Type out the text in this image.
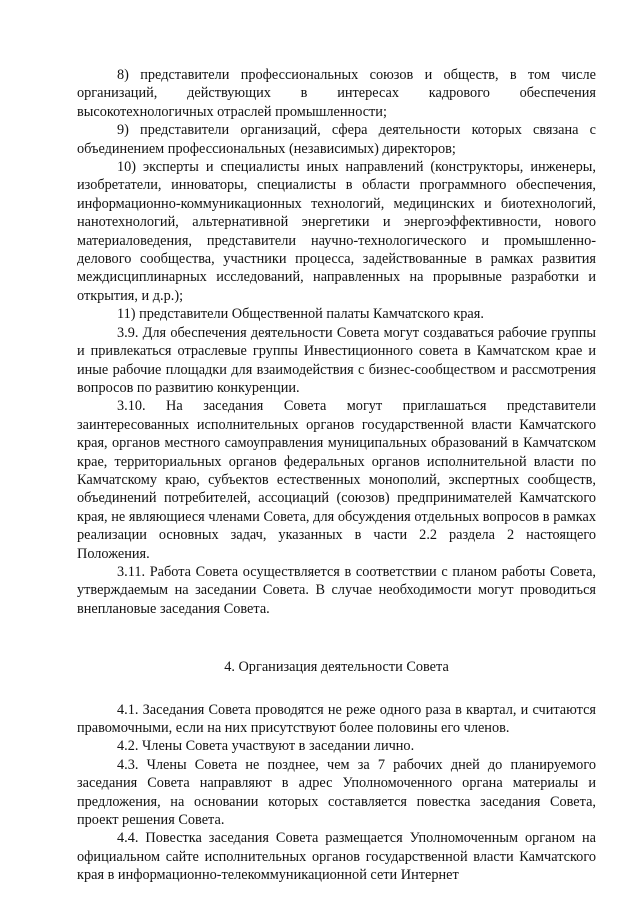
8) представители профессиональных союзов и обществ, в том числе организаций, действующих в интересах кадрового обеспечения высокотехнологичных отраслей промышленности;

9) представители организаций, сфера деятельности которых связана с объединением профессиональных (независимых) директоров;

10) эксперты и специалисты иных направлений (конструкторы, инженеры, изобретатели, инноваторы, специалисты в области программного обеспечения, информационно-коммуникационных технологий, медицинских и биотехнологий, нанотехнологий, альтернативной энергетики и энергоэффективности, нового материаловедения, представители научно-технологического и промышленно-делового сообщества, участники процесса, задействованные в рамках развития междисциплинарных исследований, направленных на прорывные разработки и открытия, и д.р.);

11) представители Общественной палаты Камчатского края.

3.9. Для обеспечения деятельности Совета могут создаваться рабочие группы и привлекаться отраслевые группы Инвестиционного совета в Камчатском крае и иные рабочие площадки для взаимодействия с бизнес-сообществом и рассмотрения вопросов по развитию конкуренции.

3.10. На заседания Совета могут приглашаться представители заинтересованных исполнительных органов государственной власти Камчатского края, органов местного самоуправления муниципальных образований в Камчатском крае, территориальных органов федеральных органов исполнительной власти по Камчатскому краю, субъектов естественных монополий, экспертных сообществ, объединений потребителей, ассоциаций (союзов) предпринимателей Камчатского края, не являющиеся членами Совета, для обсуждения отдельных вопросов в рамках реализации основных задач, указанных в части 2.2 раздела 2 настоящего Положения.

3.11. Работа Совета осуществляется в соответствии с планом работы Совета, утверждаемым на заседании Совета. В случае необходимости могут проводиться внеплановые заседания Совета.

4. Организация деятельности Совета

4.1. Заседания Совета проводятся не реже одного раза в квартал, и считаются правомочными, если на них присутствуют более половины его членов.

4.2. Члены Совета участвуют в заседании лично.

4.3. Члены Совета не позднее, чем за 7 рабочих дней до планируемого заседания Совета направляют в адрес Уполномоченного органа материалы и предложения, на основании которых составляется повестка заседания Совета, проект решения Совета.

4.4. Повестка заседания Совета размещается Уполномоченным органом на официальном сайте исполнительных органов государственной власти Камчатского края в информационно-телекоммуникационной сети Интернет
